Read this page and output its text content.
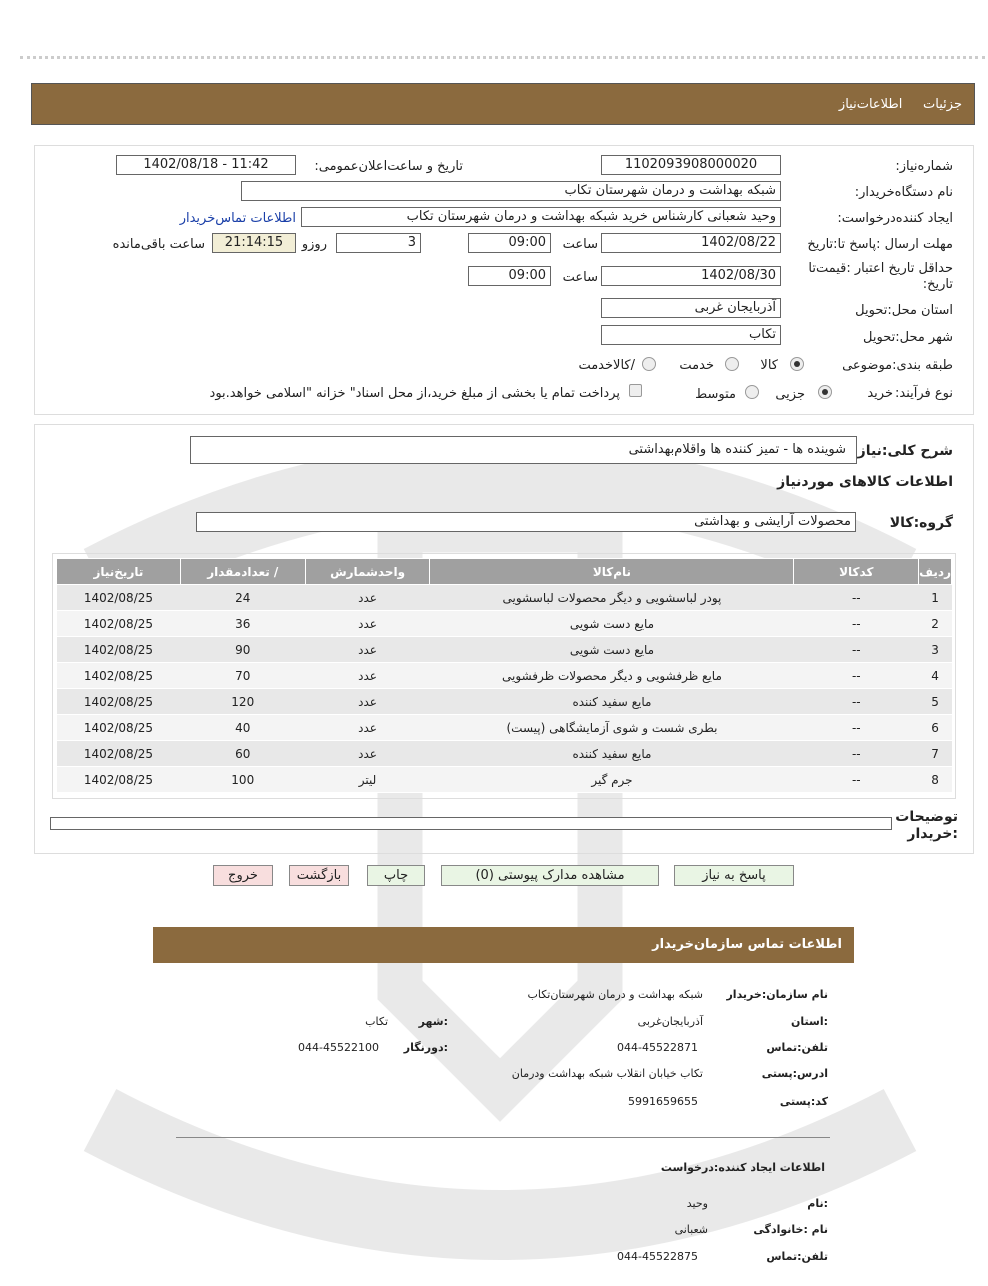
جزئیات     اطلاعات‌نیاز
شماره‌نیاز:
1102093908000020
تاریخ و ساعت‌اعلان‌عمومی:
1402/08/18 - 11:42
نام دستگاه‌خریدار:
شبکه بهداشت و درمان شهرستان تکاب
ایجاد کننده‌درخواست:
وحید شعبانی کارشناس خرید شبکه بهداشت و درمان شهرستان تکاب
اطلاعات تماس‌خریدار
مهلت ارسال :پاسخ تا:تاریخ
1402/08/22
ساعت
09:00
3
روزو
21:14:15
ساعت باقی‌مانده
حداقل تاریخ اعتبار :قیمت‌تا
تاریخ:
1402/08/30
ساعت
09:00
استان محل:تحویل
آذربایجان غربی
شهر محل:تحویل
تکاب
طبقه بندی:موضوعی
کالا
خدمت
/کالاخدمت
نوع فرآیند:
خرید
جزیی
متوسط
پرداخت تمام یا بخشی از مبلغ خرید،از محل اسناد" خزانه "اسلامی خواهد.بود
شرح کلی:نیاز
شوینده ها - تمیز کننده ها واقلام‌بهداشتی
اطلاعات کالاهای موردنیاز
گروه:کالا
محصولات آرایشی و بهداشتی
ردیف	کدکالا	نام‌کالا	واحدشمارش	/ تعدادمقدار	تاریخ‌نیاز
1	--	پودر لباسشویی و دیگر محصولات لباسشویی	عدد	24	1402/08/25
2	--	مایع دست شویی	عدد	36	1402/08/25
3	--	مایع دست شویی	عدد	90	1402/08/25
4	--	مایع ظرفشویی و دیگر محصولات ظرفشویی	عدد	70	1402/08/25
5	--	مایع سفید کننده	عدد	120	1402/08/25
6	--	بطری شست و شوی آزمایشگاهی (پیست)	عدد	40	1402/08/25
7	--	مایع سفید کننده	عدد	60	1402/08/25
8	--	جرم گیر	لیتر	100	1402/08/25
توضیحات
:خریدار
پاسخ به نیاز
مشاهده مدارک پیوستی (0)
چاپ
بازگشت
خروج
اطلاعات تماس سازمان‌خریدار
نام سازمان:خریدار
شبکه بهداشت و درمان شهرستان‌تکاب
:استان
آذربایجان‌غربی
:شهر
تکاب
تلفن:تماس
044-45522871
:دورنگار
044-45522100
ادرس:پستی
تکاب خیابان انقلاب شبکه بهداشت ودرمان
کد:پستی
5991659655
اطلاعات ایجاد کننده:درخواست
:نام
وحید
نام :خانوادگی
شعبانی
تلفن:تماس
044-45522875
